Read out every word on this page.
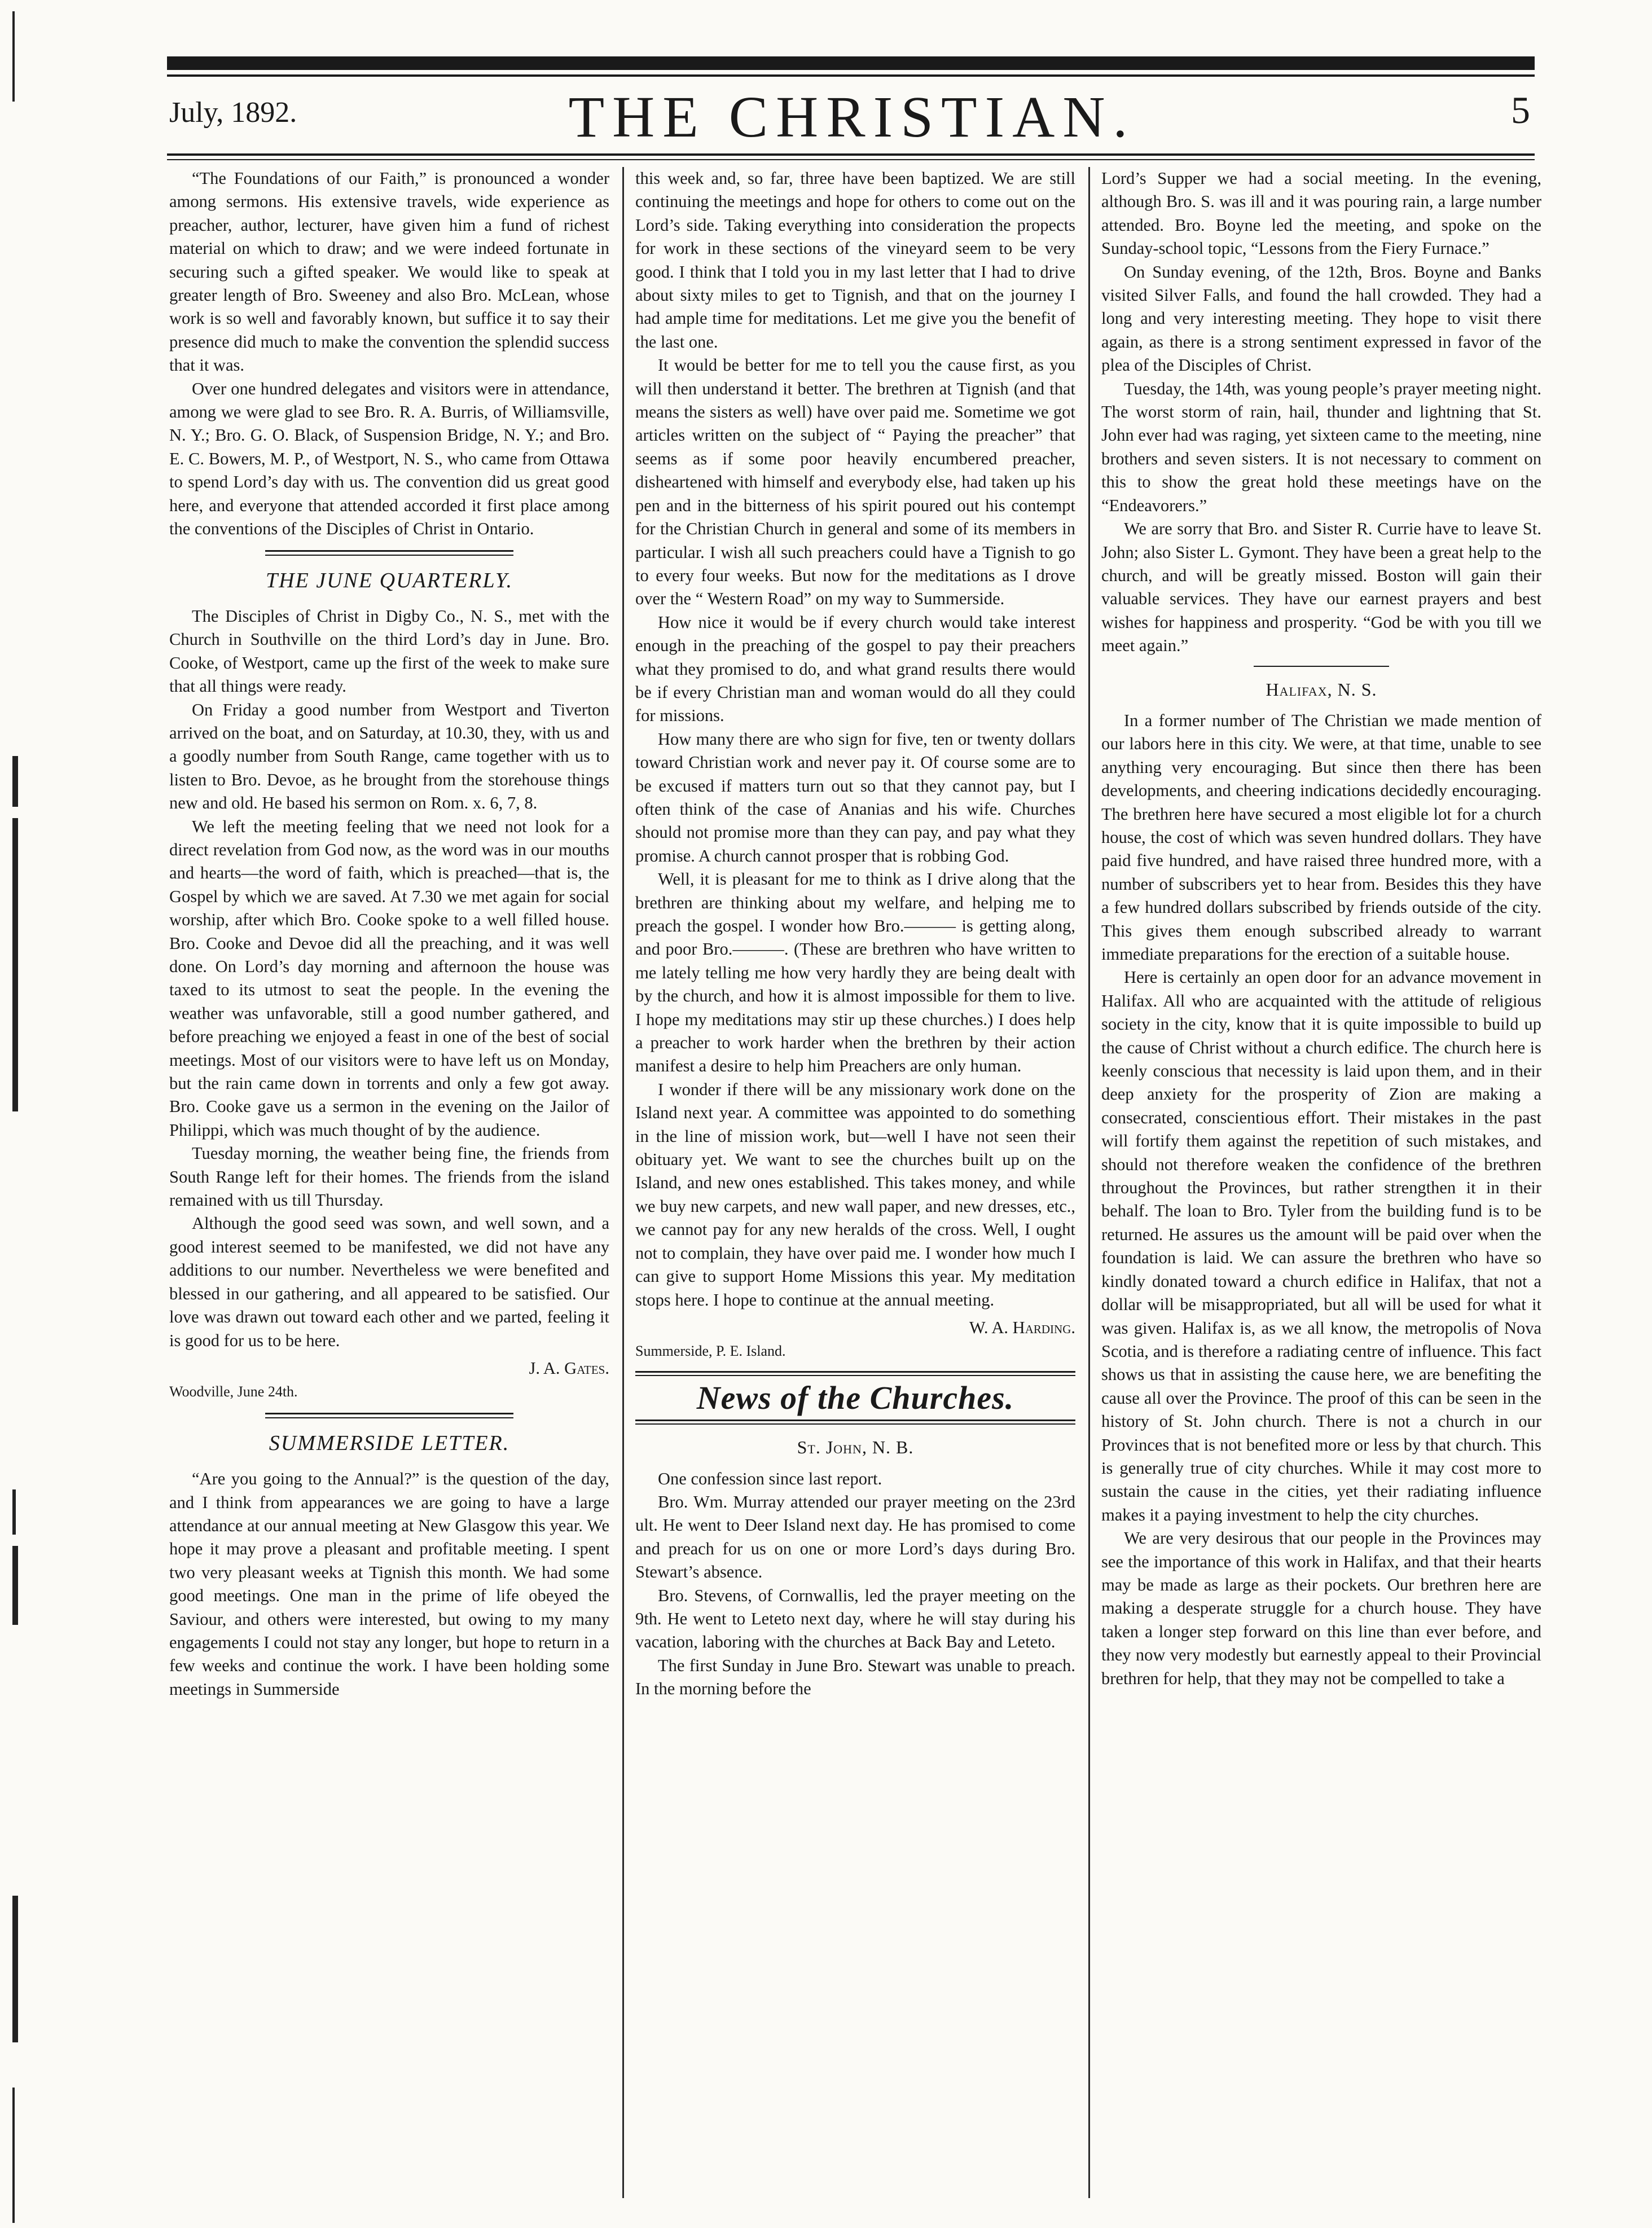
THE CHRISTIAN.
July, 1892.	5

“The Foundations of our Faith,” is pronounced a wonder among sermons. His extensive travels, wide experience as preacher, author, lecturer, have given him a fund of richest material on which to draw; and we were indeed fortunate in securing such a gifted speaker. We would like to speak at greater length of Bro. Sweeney and also Bro. McLean, whose work is so well and favorably known, but suffice it to say their presence did much to make the convention the splendid success that it was.

Over one hundred delegates and visitors were in attendance, among we were glad to see Bro. R. A. Burris, of Williamsville, N. Y.; Bro. G. O. Black, of Suspension Bridge, N. Y.; and Bro. E. C. Bowers, M. P., of Westport, N. S., who came from Ottawa to spend Lord’s day with us. The convention did us great good here, and everyone that attended accorded it first place among the conventions of the Disciples of Christ in Ontario.

THE JUNE QUARTERLY.

The Disciples of Christ in Digby Co., N. S., met with the Church in Southville on the third Lord’s day in June. Bro. Cooke, of Westport, came up the first of the week to make sure that all things were ready.

On Friday a good number from Westport and Tiverton arrived on the boat, and on Saturday, at 10.30, they, with us and a goodly number from South Range, came together with us to listen to Bro. Devoe, as he brought from the storehouse things new and old. He based his sermon on Rom. x. 6, 7, 8.

We left the meeting feeling that we need not look for a direct revelation from God now, as the word was in our mouths and hearts—the word of faith, which is preached—that is, the Gospel by which we are saved. At 7.30 we met again for social worship, after which Bro. Cooke spoke to a well filled house. Bro. Cooke and Devoe did all the preaching, and it was well done. On Lord’s day morning and afternoon the house was taxed to its utmost to seat the people. In the evening the weather was unfavorable, still a good number gathered, and before preaching we enjoyed a feast in one of the best of social meetings. Most of our visitors were to have left us on Monday, but the rain came down in torrents and only a few got away. Bro. Cooke gave us a sermon in the evening on the Jailor of Philippi, which was much thought of by the audience.

Tuesday morning, the weather being fine, the friends from South Range left for their homes. The friends from the island remained with us till Thursday.

Although the good seed was sown, and well sown, and a good interest seemed to be manifested, we did not have any additions to our number. Nevertheless we were benefited and blessed in our gathering, and all appeared to be satisfied. Our love was drawn out toward each other and we parted, feeling it is good for us to be here.

J. A. Gates.
Woodville, June 24th.
SUMMERSIDE LETTER.

“Are you going to the Annual?” is the question of the day, and I think from appearances we are going to have a large attendance at our annual meeting at New Glasgow this year. We hope it may prove a pleasant and profitable meeting. I spent two very pleasant weeks at Tignish this month. We had some good meetings. One man in the prime of life obeyed the Saviour, and others were interested, but owing to my many engagements I could not stay any longer, but hope to return in a few weeks and continue the work. I have been holding some meetings in Summerside

this week and, so far, three have been baptized. We are still continuing the meetings and hope for others to come out on the Lord’s side. Taking everything into consideration the propects for work in these sections of the vineyard seem to be very good. I think that I told you in my last letter that I had to drive about sixty miles to get to Tignish, and that on the journey I had ample time for meditations. Let me give you the benefit of the last one.

It would be better for me to tell you the cause first, as you will then understand it better. The brethren at Tignish (and that means the sisters as well) have over paid me. Sometime we got articles written on the subject of “ Paying the preacher” that seems as if some poor heavily encumbered preacher, disheartened with himself and everybody else, had taken up his pen and in the bitterness of his spirit poured out his contempt for the Christian Church in general and some of its members in particular. I wish all such preachers could have a Tignish to go to every four weeks. But now for the meditations as I drove over the “ Western Road” on my way to Summerside.

How nice it would be if every church would take interest enough in the preaching of the gospel to pay their preachers what they promised to do, and what grand results there would be if every Christian man and woman would do all they could for missions.

How many there are who sign for five, ten or twenty dollars toward Christian work and never pay it. Of course some are to be excused if matters turn out so that they cannot pay, but I often think of the case of Ananias and his wife. Churches should not promise more than they can pay, and pay what they promise. A church cannot prosper that is robbing God.

Well, it is pleasant for me to think as I drive along that the brethren are thinking about my welfare, and helping me to preach the gospel. I wonder how Bro.——— is getting along, and poor Bro.———. (These are brethren who have written to me lately telling me how very hardly they are being dealt with by the church, and how it is almost impossible for them to live. I hope my meditations may stir up these churches.) I does help a preacher to work harder when the brethren by their action manifest a desire to help him Preachers are only human.

I wonder if there will be any missionary work done on the Island next year. A committee was appointed to do something in the line of mission work, but—well I have not seen their obituary yet. We want to see the churches built up on the Island, and new ones established. This takes money, and while we buy new carpets, and new wall paper, and new dresses, etc., we cannot pay for any new heralds of the cross. Well, I ought not to complain, they have over paid me. I wonder how much I can give to support Home Missions this year. My meditation stops here. I hope to continue at the annual meeting.

W. A. Harding.
Summerside, P. E. Island.
News of the Churches.
St. John, N. B.

One confession since last report.

Bro. Wm. Murray attended our prayer meeting on the 23rd ult. He went to Deer Island next day. He has promised to come and preach for us on one or more Lord’s days during Bro. Stewart’s absence.

Bro. Stevens, of Cornwallis, led the prayer meeting on the 9th. He went to Leteto next day, where he will stay during his vacation, laboring with the churches at Back Bay and Leteto.

The first Sunday in June Bro. Stewart was unable to preach. In the morning before the

Lord’s Supper we had a social meeting. In the evening, although Bro. S. was ill and it was pouring rain, a large number attended. Bro. Boyne led the meeting, and spoke on the Sunday-school topic, “Lessons from the Fiery Furnace.”

On Sunday evening, of the 12th, Bros. Boyne and Banks visited Silver Falls, and found the hall crowded. They had a long and very interesting meeting. They hope to visit there again, as there is a strong sentiment expressed in favor of the plea of the Disciples of Christ.

Tuesday, the 14th, was young people’s prayer meeting night. The worst storm of rain, hail, thunder and lightning that St. John ever had was raging, yet sixteen came to the meeting, nine brothers and seven sisters. It is not necessary to comment on this to show the great hold these meetings have on the “Endeavorers.”

We are sorry that Bro. and Sister R. Currie have to leave St. John; also Sister L. Gymont. They have been a great help to the church, and will be greatly missed. Boston will gain their valuable services. They have our earnest prayers and best wishes for happiness and prosperity. “God be with you till we meet again.”

Halifax, N. S.

In a former number of The Christian we made mention of our labors here in this city. We were, at that time, unable to see anything very encouraging. But since then there has been developments, and cheering indications decidedly encouraging. The brethren here have secured a most eligible lot for a church house, the cost of which was seven hundred dollars. They have paid five hundred, and have raised three hundred more, with a number of subscribers yet to hear from. Besides this they have a few hundred dollars subscribed by friends outside of the city. This gives them enough subscribed already to warrant immediate preparations for the erection of a suitable house.

Here is certainly an open door for an advance movement in Halifax. All who are acquainted with the attitude of religious society in the city, know that it is quite impossible to build up the cause of Christ without a church edifice. The church here is keenly conscious that necessity is laid upon them, and in their deep anxiety for the prosperity of Zion are making a consecrated, conscientious effort. Their mistakes in the past will fortify them against the repetition of such mistakes, and should not therefore weaken the confidence of the brethren throughout the Provinces, but rather strengthen it in their behalf. The loan to Bro. Tyler from the building fund is to be returned. He assures us the amount will be paid over when the foundation is laid. We can assure the brethren who have so kindly donated toward a church edifice in Halifax, that not a dollar will be misappropriated, but all will be used for what it was given. Halifax is, as we all know, the metropolis of Nova Scotia, and is therefore a radiating centre of influence. This fact shows us that in assisting the cause here, we are benefiting the cause all over the Province. The proof of this can be seen in the history of St. John church. There is not a church in our Provinces that is not benefited more or less by that church. This is generally true of city churches. While it may cost more to sustain the cause in the cities, yet their radiating influence makes it a paying investment to help the city churches.

We are very desirous that our people in the Provinces may see the importance of this work in Halifax, and that their hearts may be made as large as their pockets. Our brethren here are making a desperate struggle for a church house. They have taken a longer step forward on this line than ever before, and they now very modestly but earnestly appeal to their Provincial brethren for help, that they may not be compelled to take a
